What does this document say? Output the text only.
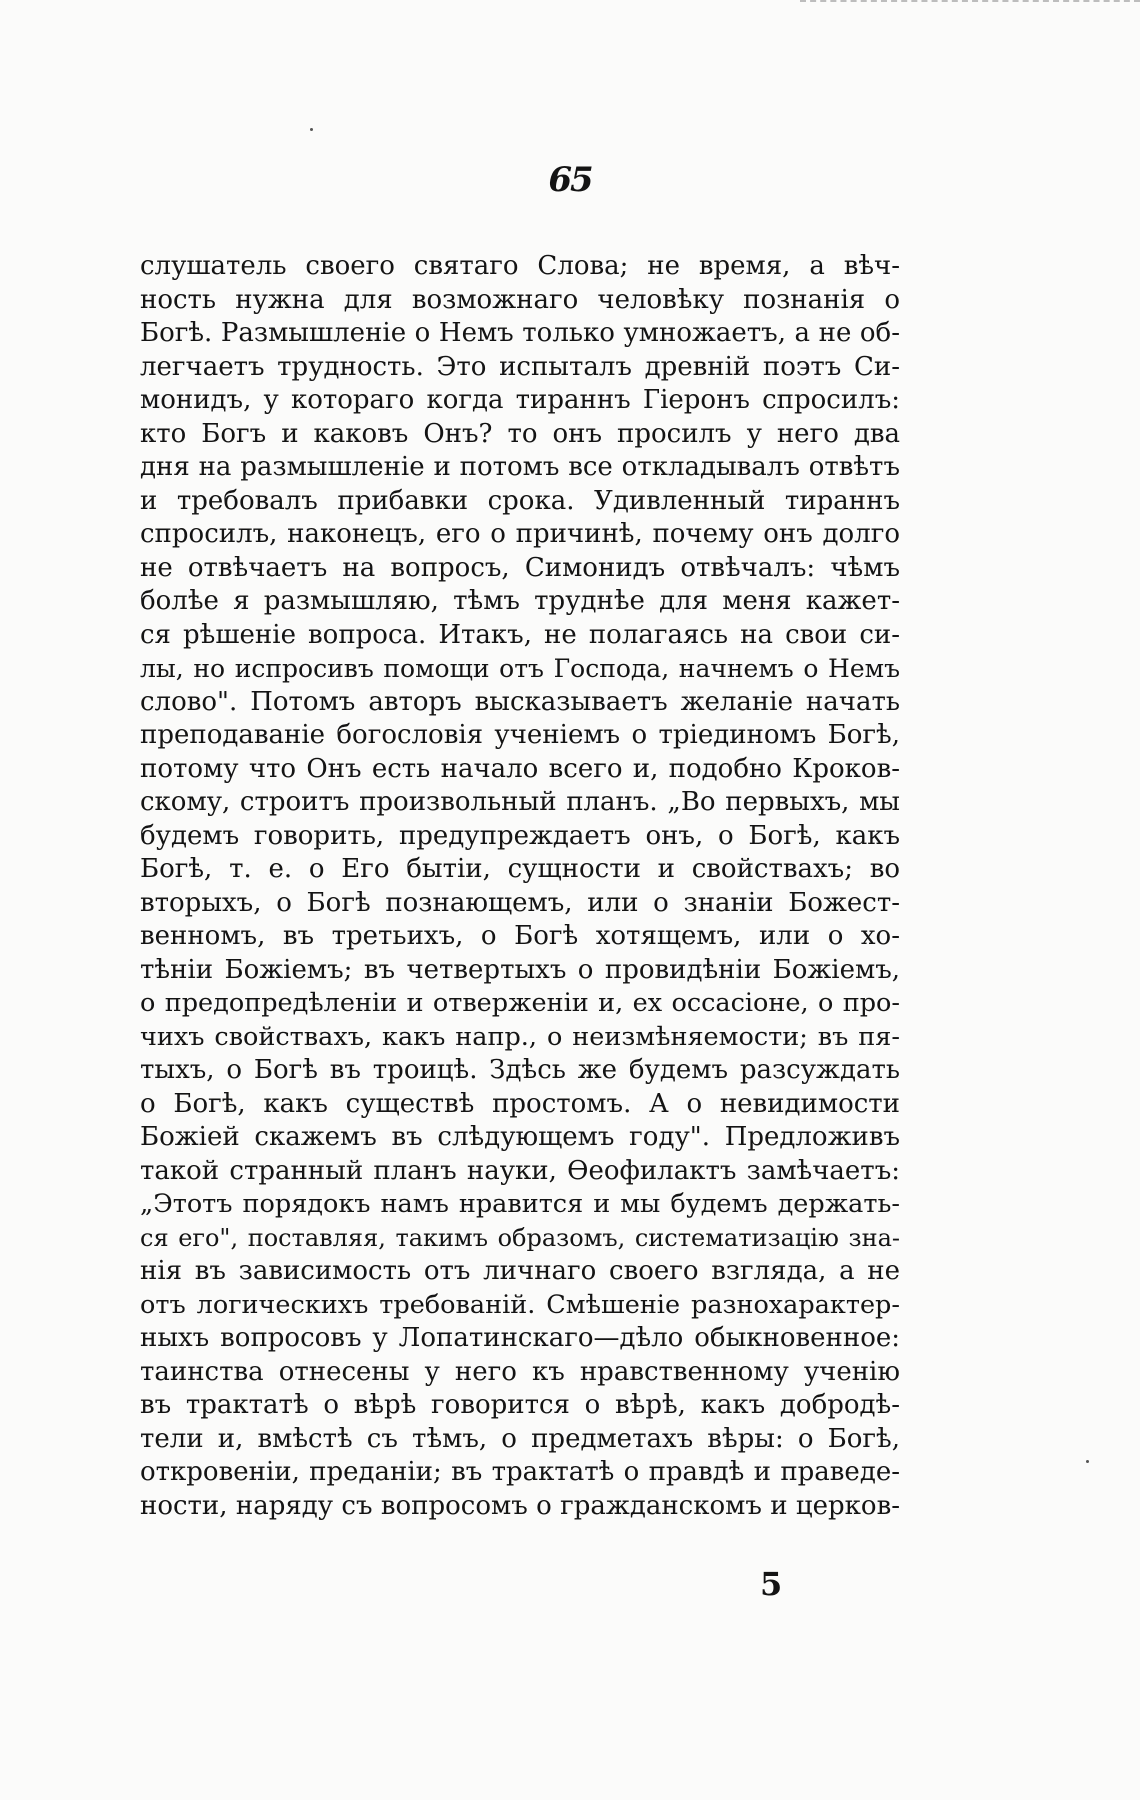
65
слушатель своего святаго Слова; не время, а вѣч-
ность нужна для возможнаго человѣку познанія о
Богѣ. Размышленіе о Немъ только умножаетъ, а не об-
легчаетъ трудность. Это испыталъ древній поэтъ Си-
монидъ, у котораго когда тираннъ Гіеронъ спросилъ:
кто Богъ и каковъ Онъ? то онъ просилъ у него два
дня на размышленіе и потомъ все откладывалъ отвѣтъ
и требовалъ прибавки срока. Удивленный тираннъ
спросилъ, наконецъ, его о причинѣ, почему онъ долго
не отвѣчаетъ на вопросъ, Симонидъ отвѣчалъ: чѣмъ
болѣе я размышляю, тѣмъ труднѣе для меня кажет-
ся рѣшеніе вопроса. Итакъ, не полагаясь на свои си-
лы, но испросивъ помощи отъ Господа, начнемъ о Немъ
слово". Потомъ авторъ высказываетъ желаніе начать
преподаваніе богословія ученіемъ о тріединомъ Богѣ,
потому что Онъ есть начало всего и, подобно Кроков-
скому, строитъ произвольный планъ. „Во первыхъ, мы
будемъ говорить, предупреждаетъ онъ, о Богѣ, какъ
Богѣ, т. е. о Его бытіи, сущности и свойствахъ; во
вторыхъ, о Богѣ познающемъ, или о знаніи Божест-
венномъ, въ третьихъ, о Богѣ хотящемъ, или о хо-
тѣніи Божіемъ; въ четвертыхъ о провидѣніи Божіемъ,
о предопредѣленіи и отверженіи и, ех оссасіоне, о про-
чихъ свойствахъ, какъ напр., о неизмѣняемости; въ пя-
тыхъ, о Богѣ въ троицѣ. Здѣсь же будемъ разсуждать
о Богѣ, какъ существѣ простомъ. А о невидимости
Божіей скажемъ въ слѣдующемъ году". Предложивъ
такой странный планъ науки, Ѳеофилактъ замѣчаетъ:
„Этотъ порядокъ намъ нравится и мы будемъ держать-
ся его", поставляя, такимъ образомъ, систематизацію зна-
нія въ зависимость отъ личнаго своего взгляда, а не
отъ логическихъ требованій. Смѣшеніе разнохарактер-
ныхъ вопросовъ у Лопатинскаго—дѣло обыкновенное:
таинства отнесены у него къ нравственному ученію
въ трактатѣ о вѣрѣ говорится о вѣрѣ, какъ добродѣ-
тели и, вмѣстѣ съ тѣмъ, о предметахъ вѣры: о Богѣ,
откровеніи, преданіи; въ трактатѣ о правдѣ и праведе-
ности, наряду съ вопросомъ о гражданскомъ и церков-
5
